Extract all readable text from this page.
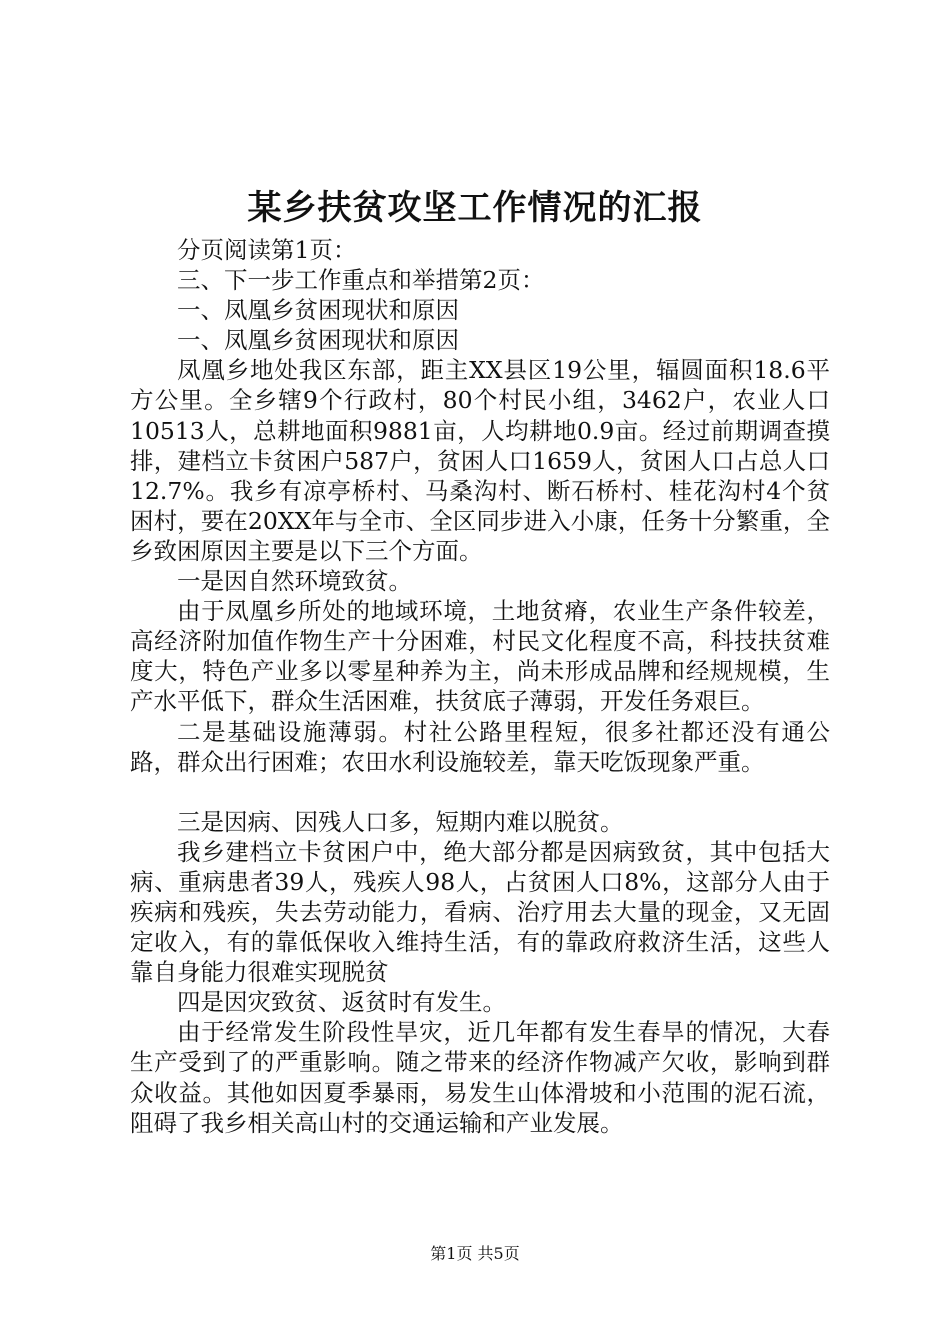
某乡扶贫攻坚工作情况的汇报

分页阅读第1页：

三、下一步工作重点和举措第2页：

一、凤凰乡贫困现状和原因

一、凤凰乡贫困现状和原因

凤凰乡地处我区东部，距主XX县区19公里，辐圆面积18.6平方公里。全乡辖9个行政村，80个村民小组，3462户，农业人口10513人，总耕地面积9881亩，人均耕地0.9亩。经过前期调查摸排，建档立卡贫困户587户，贫困人口1659人，贫困人口占总人口12.7%。我乡有凉亭桥村、马桑沟村、断石桥村、桂花沟村4个贫困村，要在20XX年与全市、全区同步进入小康，任务十分繁重，全乡致困原因主要是以下三个方面。

一是因自然环境致贫。

由于凤凰乡所处的地域环境，土地贫瘠，农业生产条件较差，高经济附加值作物生产十分困难，村民文化程度不高，科技扶贫难度大，特色产业多以零星种养为主，尚未形成品牌和经规规模，生产水平低下，群众生活困难，扶贫底子薄弱，开发任务艰巨。

二是基础设施薄弱。村社公路里程短，很多社都还没有通公路，群众出行困难；农田水利设施较差，靠天吃饭现象严重。

三是因病、因残人口多，短期内难以脱贫。

我乡建档立卡贫困户中，绝大部分都是因病致贫，其中包括大病、重病患者39人，残疾人98人，占贫困人口8%，这部分人由于疾病和残疾，失去劳动能力，看病、治疗用去大量的现金，又无固定收入，有的靠低保收入维持生活，有的靠政府救济生活，这些人靠自身能力很难实现脱贫

四是因灾致贫、返贫时有发生。

由于经常发生阶段性旱灾，近几年都有发生春旱的情况，大春生产受到了的严重影响。随之带来的经济作物减产欠收，影响到群众收益。其他如因夏季暴雨，易发生山体滑坡和小范围的泥石流，阻碍了我乡相关高山村的交通运输和产业发展。

第1页 共5页
